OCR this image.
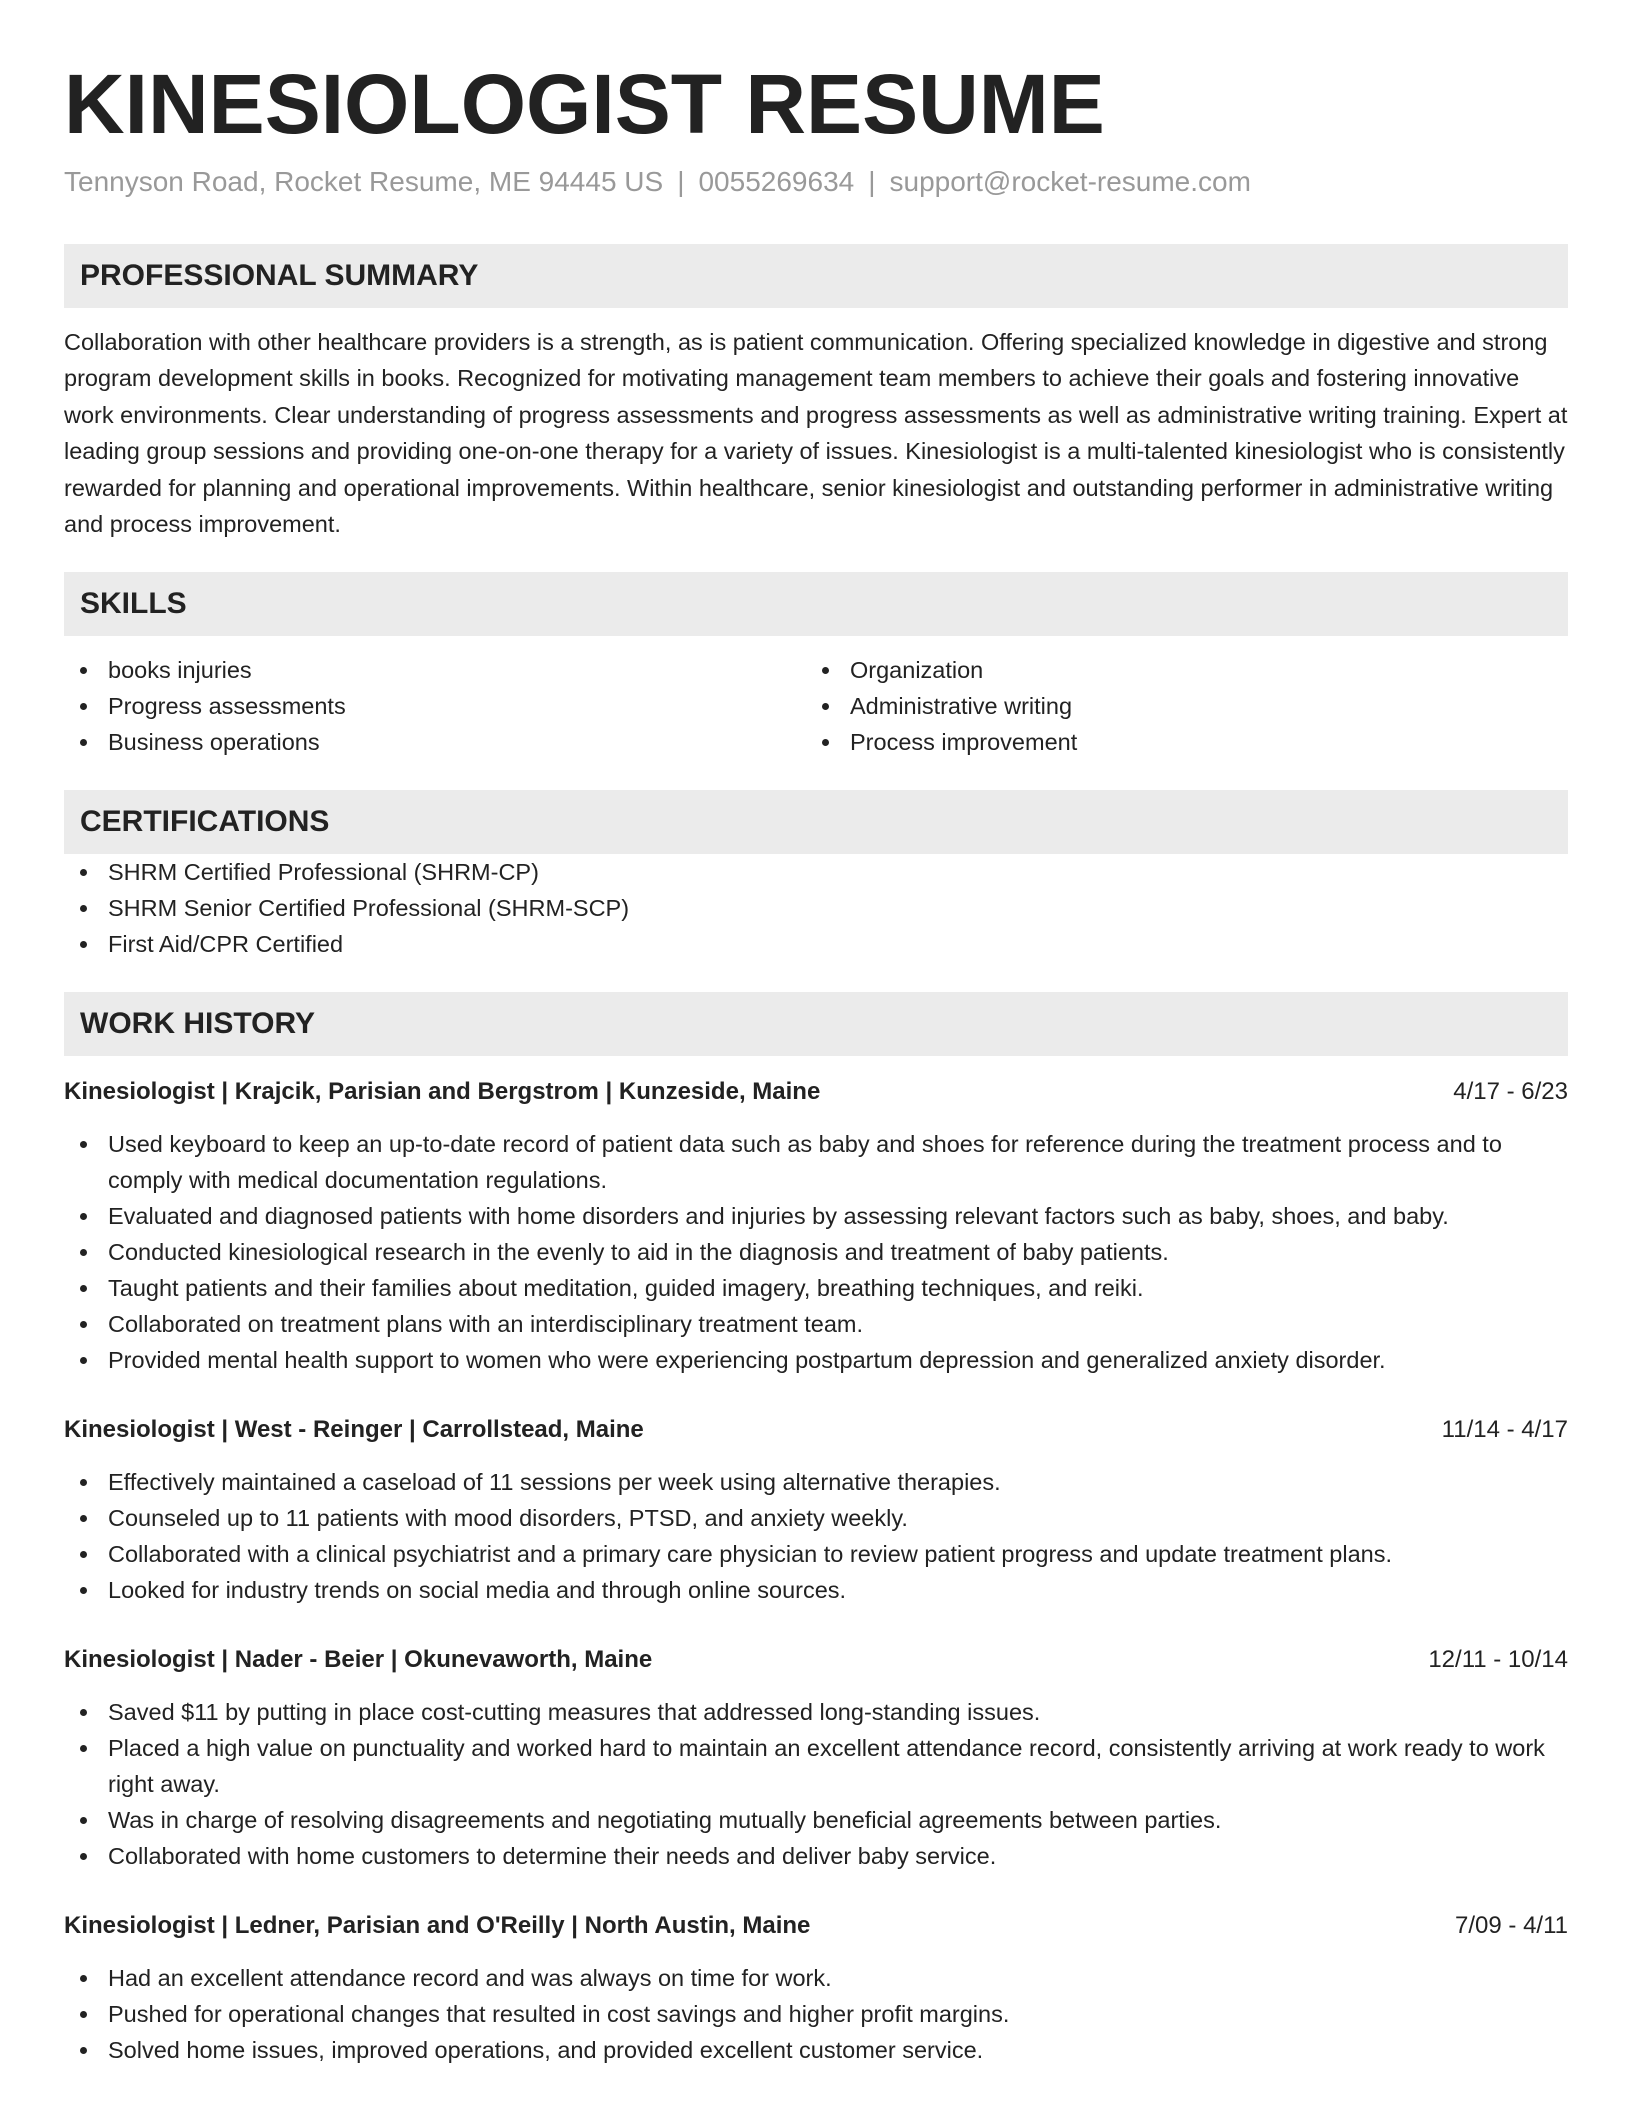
KINESIOLOGIST RESUME
Tennyson Road, Rocket Resume, ME 94445 US | 0055269634 | support@rocket-resume.com
PROFESSIONAL SUMMARY

Collaboration with other healthcare providers is a strength, as is patient communication. Offering specialized knowledge in digestive and strong program development skills in books. Recognized for motivating management team members to achieve their goals and fostering innovative work environments. Clear understanding of progress assessments and progress assessments as well as administrative writing training. Expert at leading group sessions and providing one-on-one therapy for a variety of issues. Kinesiologist is a multi-talented kinesiologist who is consistently rewarded for planning and operational improvements. Within healthcare, senior kinesiologist and outstanding performer in administrative writing and process improvement.

SKILLS
books injuries
Progress assessments
Business operations
Organization
Administrative writing
Process improvement
CERTIFICATIONS
SHRM Certified Professional (SHRM-CP)
SHRM Senior Certified Professional (SHRM-SCP)
First Aid/CPR Certified
WORK HISTORY
Kinesiologist | Krajcik, Parisian and Bergstrom | Kunzeside, Maine	4/17 - 6/23
Used keyboard to keep an up-to-date record of patient data such as baby and shoes for reference during the treatment process and to comply with medical documentation regulations.
Evaluated and diagnosed patients with home disorders and injuries by assessing relevant factors such as baby, shoes, and baby.
Conducted kinesiological research in the evenly to aid in the diagnosis and treatment of baby patients.
Taught patients and their families about meditation, guided imagery, breathing techniques, and reiki.
Collaborated on treatment plans with an interdisciplinary treatment team.
Provided mental health support to women who were experiencing postpartum depression and generalized anxiety disorder.
Kinesiologist | West - Reinger | Carrollstead, Maine	11/14 - 4/17
Effectively maintained a caseload of 11 sessions per week using alternative therapies.
Counseled up to 11 patients with mood disorders, PTSD, and anxiety weekly.
Collaborated with a clinical psychiatrist and a primary care physician to review patient progress and update treatment plans.
Looked for industry trends on social media and through online sources.
Kinesiologist | Nader - Beier | Okunevaworth, Maine	12/11 - 10/14
Saved $11 by putting in place cost-cutting measures that addressed long-standing issues.
Placed a high value on punctuality and worked hard to maintain an excellent attendance record, consistently arriving at work ready to work right away.
Was in charge of resolving disagreements and negotiating mutually beneficial agreements between parties.
Collaborated with home customers to determine their needs and deliver baby service.
Kinesiologist | Ledner, Parisian and O'Reilly | North Austin, Maine	7/09 - 4/11
Had an excellent attendance record and was always on time for work.
Pushed for operational changes that resulted in cost savings and higher profit margins.
Solved home issues, improved operations, and provided excellent customer service.
